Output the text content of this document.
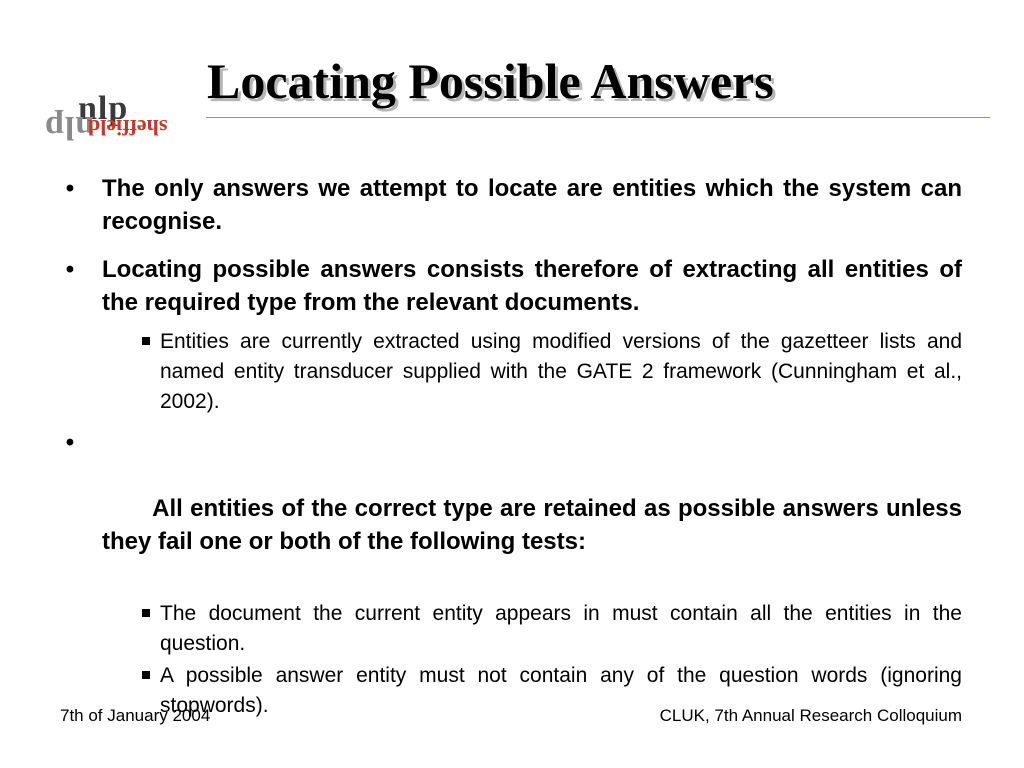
nlp
nlp
sheffield
Locating Possible Answers
• The only answers we attempt to locate are entities which the system can recognise.
• Locating possible answers consists therefore of extracting all entities of the required type from the relevant documents.
Entities are currently extracted using modified versions of the gazetteer lists and named entity transducer supplied with the GATE 2 framework (Cunningham et al., 2002).

•

All entities of the correct type are retained as possible answers unless they fail one or both of the following tests:

The document the current entity appears in must contain all the entities in the question.
A possible answer entity must not contain any of the question words (ignoring stopwords).
7th of January 2004	CLUK, 7th Annual Research Colloquium
